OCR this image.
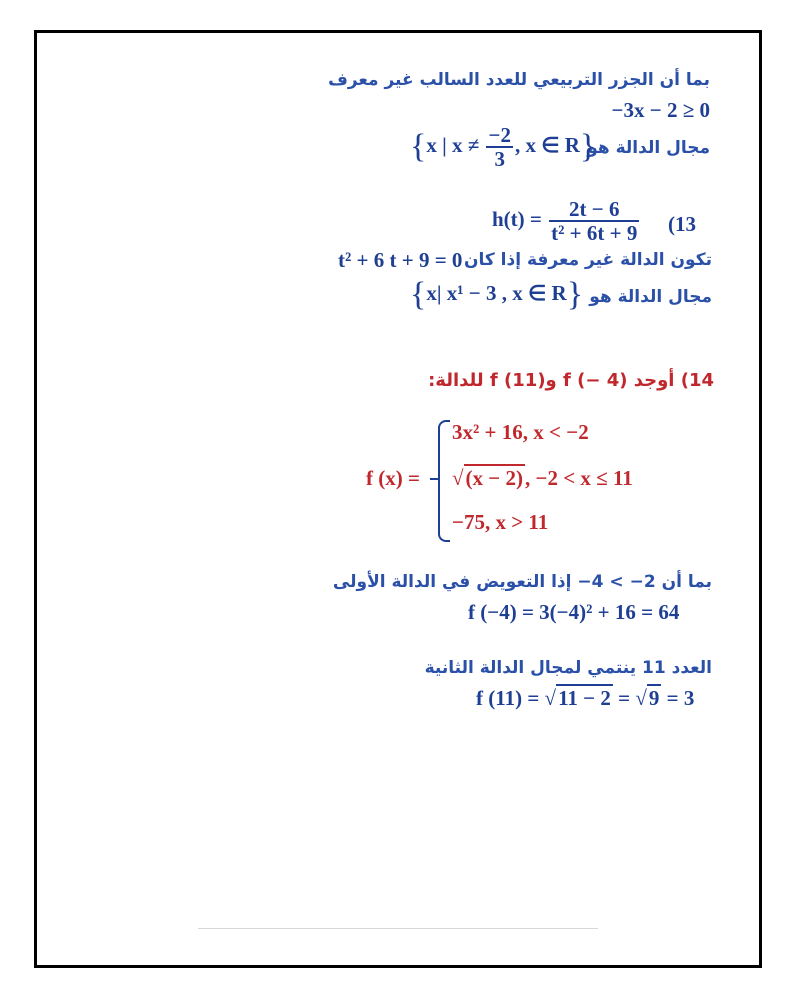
بما أن الجزر التربيعي للعدد السالب غير معرف
−3x − 2 ≥ 0
مجال الدالة هو
{x | $x \ne \frac{-2}{3}$ , x ∈ R}
$h(t) = \frac{2t - 6}{\text{t² + 6t + 9}} (13$
تكون الدالة غير معرفة إذا كان
t² + 6 t + 9 = 0
مجال الدالة هو
{x| x¹ − 3 , x ∈ R}
14) أوجد (4 −) f و(11) f للدالة:
f (x) =
3x² + 16, x < −2
√(x − 2), −2 < x ≤ 11
−75, x > 11
بما أن 2− > 4− إذا التعويض في الدالة الأولى
f (−4) = 3(−4)² + 16 = 64
العدد 11 ينتمي لمجال الدالة الثانية
f (11) = √11 − 2 = √9 = 3
